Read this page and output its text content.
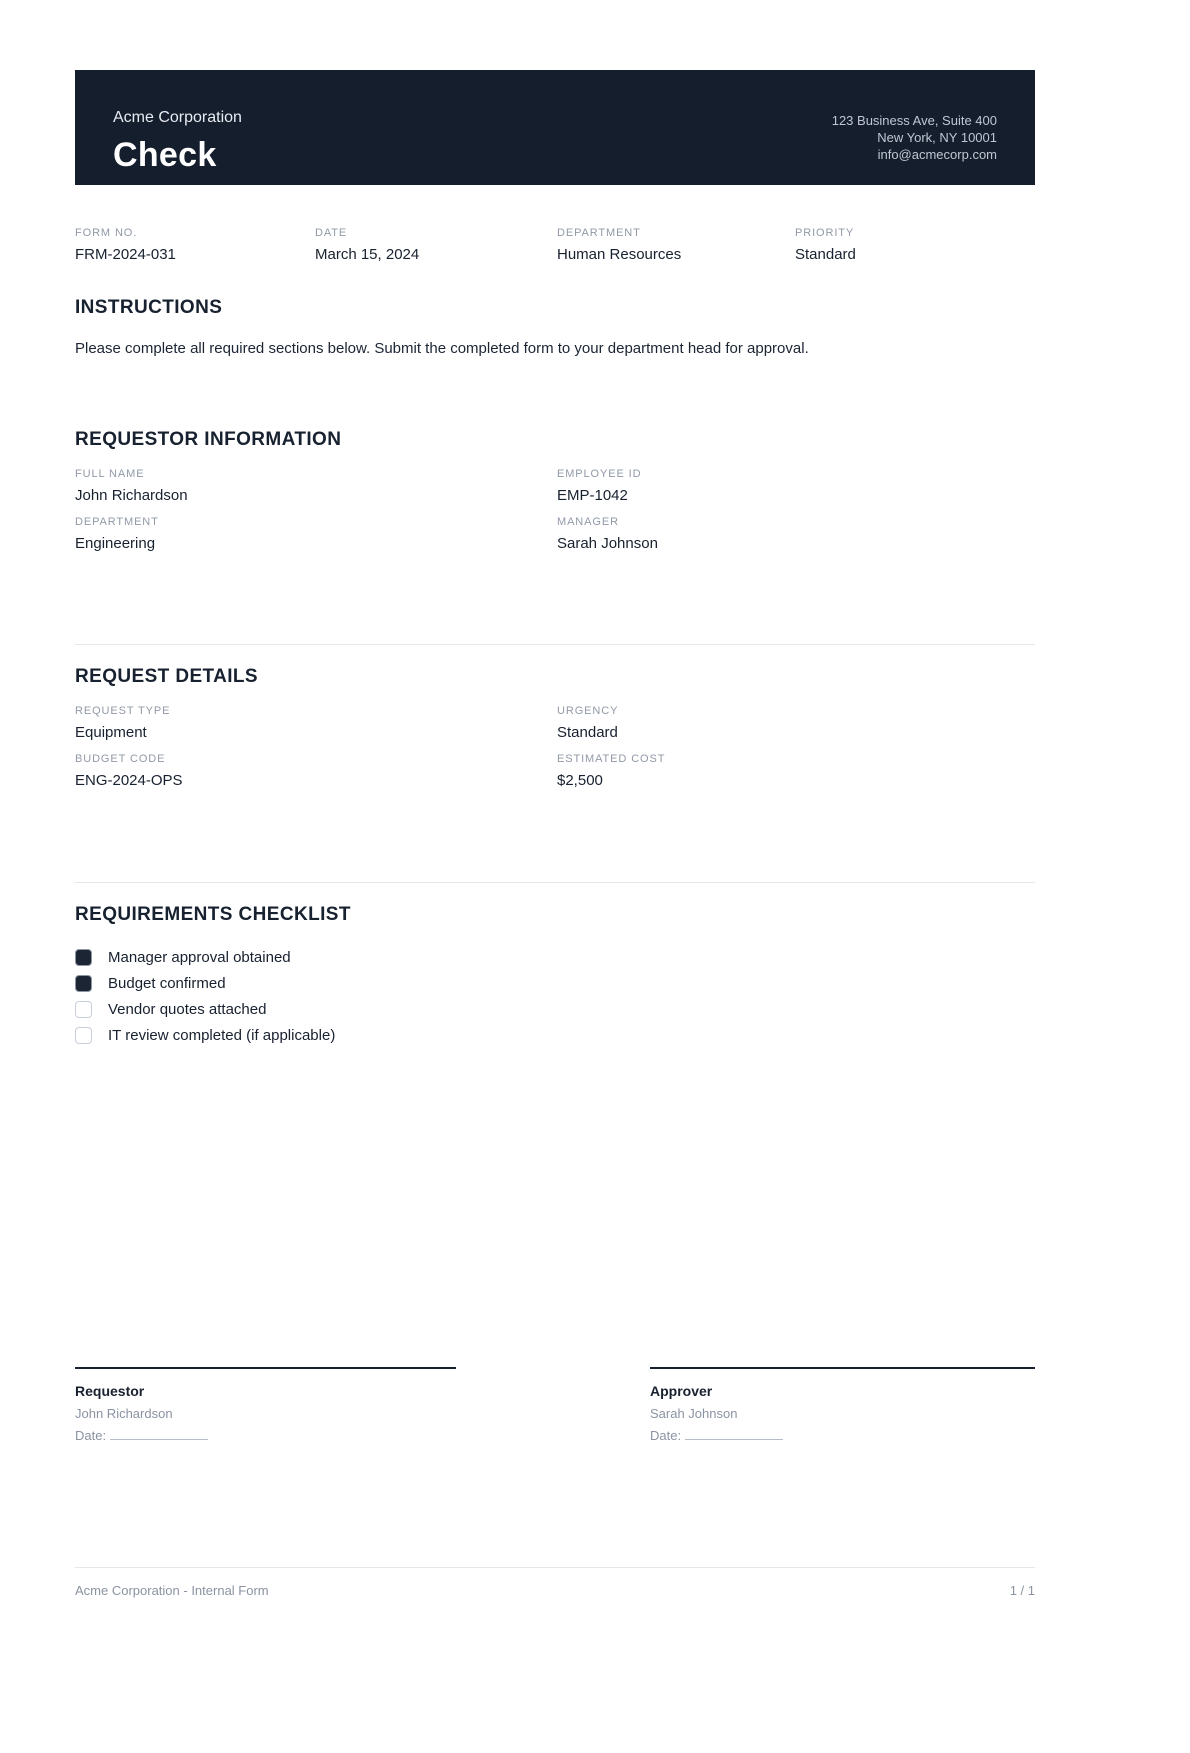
Acme Corporation
Check
123 Business Ave, Suite 400
New York, NY 10001
info@acmecorp.com
FORM NO.
FRM-2024-031
DATE
March 15, 2024
DEPARTMENT
Human Resources
PRIORITY
Standard
INSTRUCTIONS
Please complete all required sections below. Submit the completed form to your department head for approval.
REQUESTOR INFORMATION
FULL NAME
John Richardson
EMPLOYEE ID
EMP-1042
DEPARTMENT
Engineering
MANAGER
Sarah Johnson
REQUEST DETAILS
REQUEST TYPE
Equipment
URGENCY
Standard
BUDGET CODE
ENG-2024-OPS
ESTIMATED COST
$2,500
REQUIREMENTS CHECKLIST
Manager approval obtained
Budget confirmed
Vendor quotes attached
IT review completed (if applicable)
Requestor
John Richardson
Date:
Approver
Sarah Johnson
Date:
Acme Corporation - Internal Form	1 / 1
